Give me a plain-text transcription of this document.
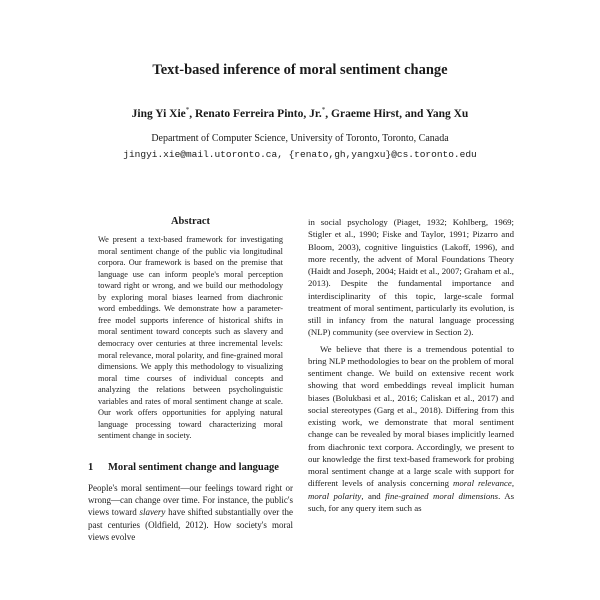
Text-based inference of moral sentiment change
Jing Yi Xie*, Renato Ferreira Pinto, Jr.*, Graeme Hirst, and Yang Xu
Department of Computer Science, University of Toronto, Toronto, Canada
jingyi.xie@mail.utoronto.ca, {renato,gh,yangxu}@cs.toronto.edu
Abstract

We present a text-based framework for investigating moral sentiment change of the public via longitudinal corpora. Our framework is based on the premise that language use can inform people's moral perception toward right or wrong, and we build our methodology by exploring moral biases learned from diachronic word embeddings. We demonstrate how a parameter-free model supports inference of historical shifts in moral sentiment toward concepts such as slavery and democracy over centuries at three incremental levels: moral relevance, moral polarity, and fine-grained moral dimensions. We apply this methodology to visualizing moral time courses of individual concepts and analyzing the relations between psycholinguistic variables and rates of moral sentiment change at scale. Our work offers opportunities for applying natural language processing toward characterizing moral sentiment change in society.

1 Moral sentiment change and language

People's moral sentiment—our feelings toward right or wrong—can change over time. For instance, the public's views toward slavery have shifted substantially over the past centuries (Oldfield, 2012). How society's moral views evolve

in social psychology (Piaget, 1932; Kohlberg, 1969; Stigler et al., 1990; Fiske and Taylor, 1991; Pizarro and Bloom, 2003), cognitive linguistics (Lakoff, 1996), and more recently, the advent of Moral Foundations Theory (Haidt and Joseph, 2004; Haidt et al., 2007; Graham et al., 2013). Despite the fundamental importance and interdisciplinarity of this topic, large-scale formal treatment of moral sentiment, particularly its evolution, is still in infancy from the natural language processing (NLP) community (see overview in Section 2).

We believe that there is a tremendous potential to bring NLP methodologies to bear on the problem of moral sentiment change. We build on extensive recent work showing that word embeddings reveal implicit human biases (Bolukbasi et al., 2016; Caliskan et al., 2017) and social stereotypes (Garg et al., 2018). Differing from this existing work, we demonstrate that moral sentiment change can be revealed by moral biases implicitly learned from diachronic text corpora. Accordingly, we present to our knowledge the first text-based framework for probing moral sentiment change at a large scale with support for different levels of analysis concerning moral relevance, moral polarity, and fine-grained moral dimensions. As such, for any query item such as
